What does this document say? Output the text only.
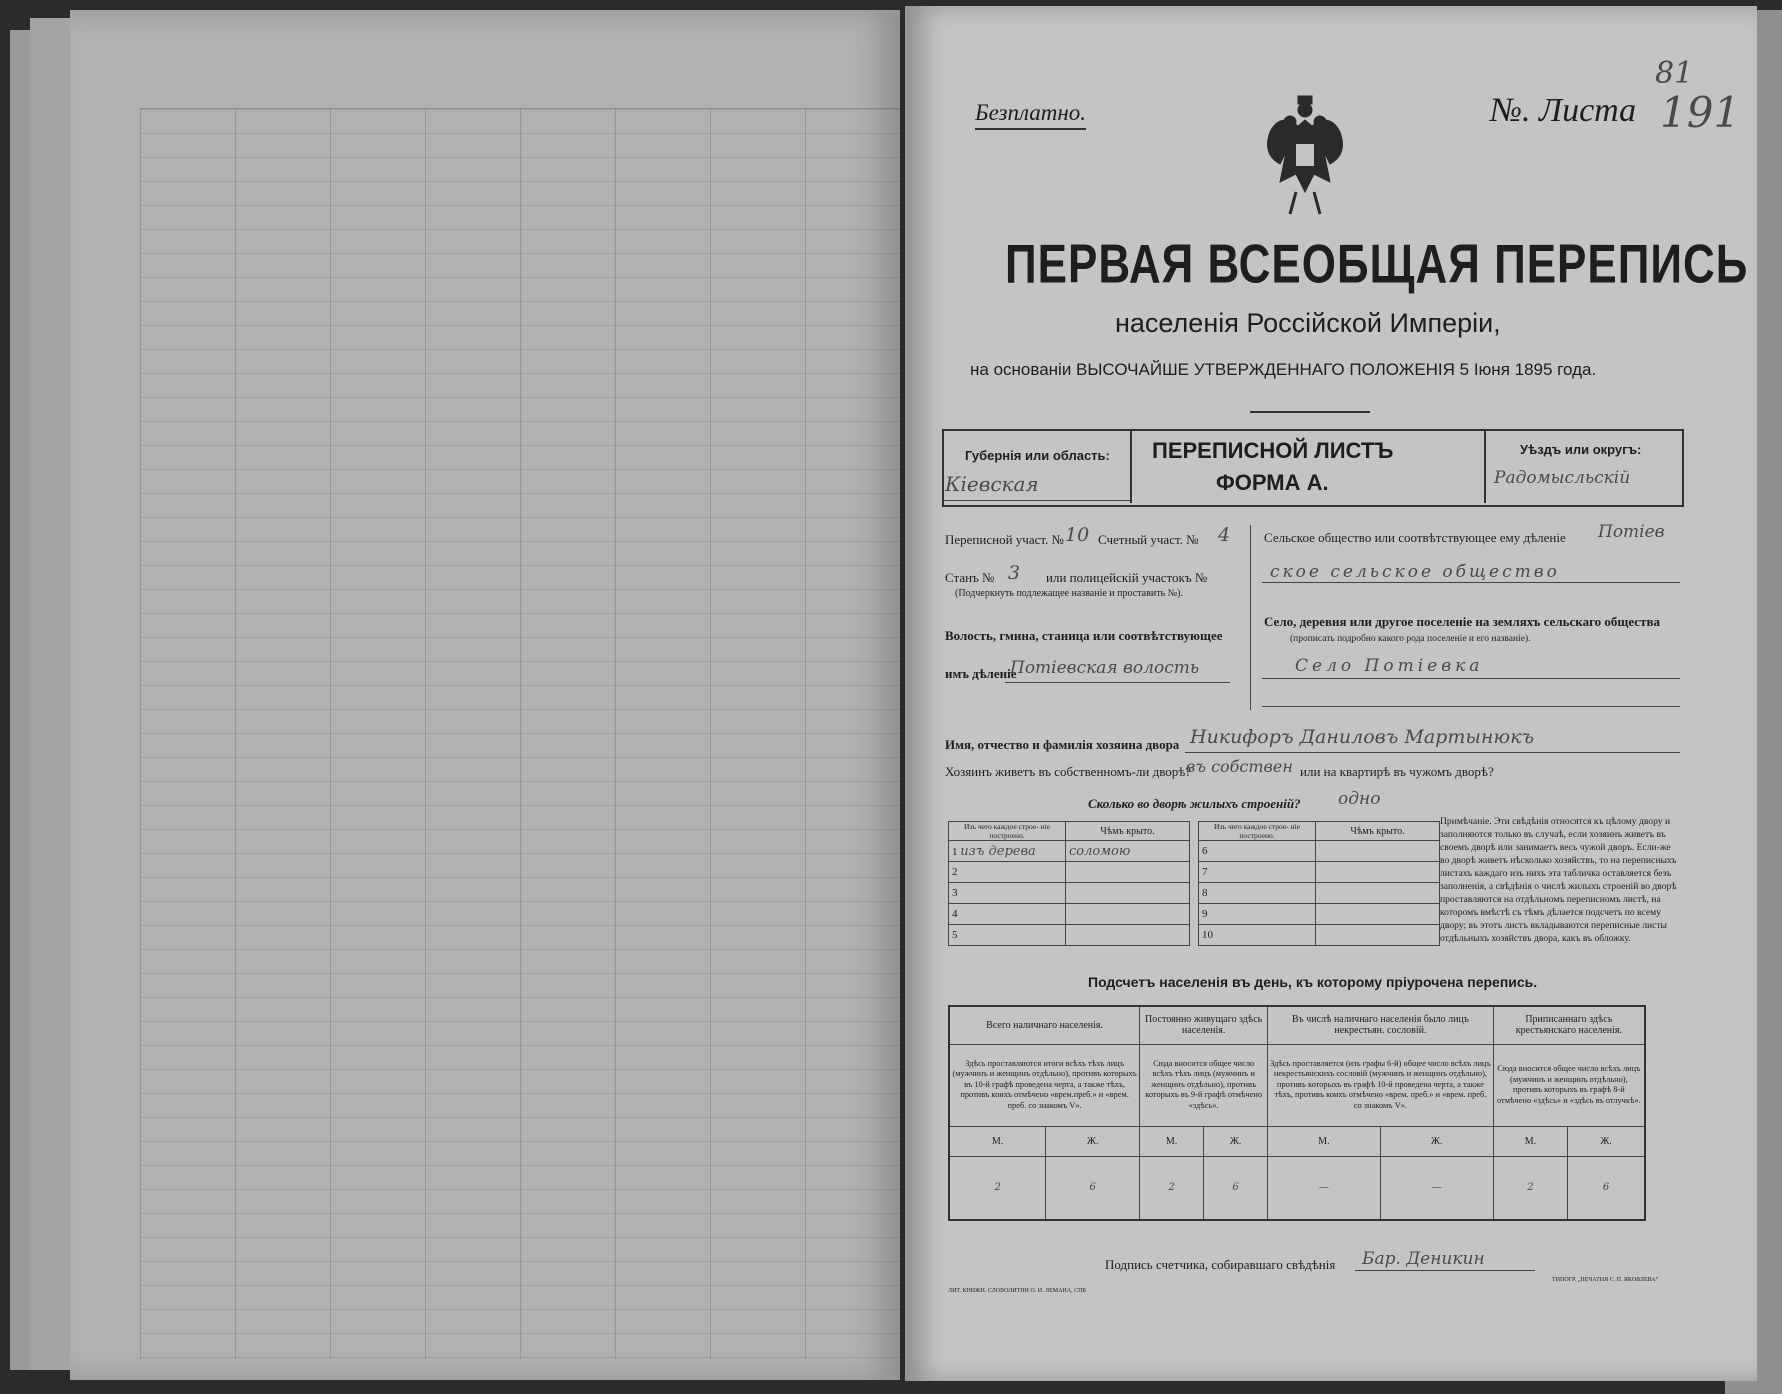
Безплатно.	№. Листа 191
81
ПЕРВАЯ ВСЕОБЩАЯ ПЕРЕПИСЬ
населенія Россійской Имперіи,
на основаніи ВЫСОЧАЙШЕ УТВЕРЖДЕННАГО ПОЛОЖЕНІЯ 5 Іюня 1895 года.
Губернія или область:
Кіевская
ПЕРЕПИСНОЙ ЛИСТЪ
ФОРМА А.
Уѣздъ или округъ:
Радомысльскій
Переписной участ. № 10 Счетный участ. № 4
Станъ № 3 или полицейскій участокъ №
(Подчеркнуть подлежащее названіе и проставить №).
Волость, гмина, станица или соотвѣтствующее
имъ дѣленіе
Потіевская волость
Сельское общество или соотвѣтствующее ему дѣленіе Потіев
ское сельское общество
Село, деревня или другое поселеніе на земляхъ сельскаго общества
(прописать подробно какого рода поселеніе и его названіе).
Село Потіевка
Имя, отчество и фамилія хозяина двора Никифоръ Даниловъ Мартынюкъ
Хозяинъ живетъ въ собственномъ-ли дворѣ?
въ собствен или на квартирѣ въ чужомъ дворѣ?
Сколько во дворѣ жилыхъ строеній? одно
Изъ чего каждое строе- ніе построено.	Чѣмъ крыто.
1 изъ дерева	соломою
2	
3	
4	
5	
Изъ чего каждое строе- ніе построено.	Чѣмъ крыто.
6	
7	
8	
9	
10	
Примѣчаніе. Эти свѣдѣнія относятся къ цѣлому двору и заполняются только въ случаѣ, если хозяинъ живетъ въ своемъ дворѣ или занимаетъ весь чужой дворъ. Если-же во дворѣ живетъ нѣсколько хозяйствъ, то на переписныхъ листахъ каждаго изъ нихъ эта табличка оставляется безъ заполненія, а свѣдѣнія о числѣ жилыхъ строеній во дворѣ проставляются на отдѣльномъ переписномъ листѣ, на которомъ вмѣстѣ съ тѣмъ дѣлается подсчетъ по всему двору; въ этотъ листъ вкладываются переписные листы отдѣльныхъ хозяйствъ двора, какъ въ обложку.
Подсчетъ населенія въ день, къ которому пріурочена перепись.
Всего наличнаго населенія.		Постоянно живущаго здѣсь населенія.		Въ числѣ наличнаго населенія было лицъ некрестьян. сословій.		Приписаннаго здѣсь крестьянскаго населенія.	
Здѣсь проставляются итоги всѣхъ тѣхъ лицъ (мужчинъ и женщинъ отдѣльно), противъ которыхъ въ 10-й графѣ проведена черта, а также тѣхъ, противъ коихъ отмѣчено «врем.преб.» и «врем. преб. со знакомъ V».		Сюда вносится общее число всѣхъ тѣхъ лицъ (мужчинъ и женщинъ отдѣльно), противъ которыхъ въ 9-й графѣ отмѣчено «здѣсь».		Здѣсь проставляется (изъ графы 6-й) общее число всѣхъ лицъ некрестьянскихъ сословій (мужчинъ и женщинъ отдѣльно), противъ которыхъ въ графѣ 10-й проведена черта, а также тѣхъ, противъ коихъ отмѣчено «врем. преб.» и «врем. преб. со знакомъ V».		Сюда вносится общее число всѣхъ лицъ (мужчинъ и женщинъ отдѣльно), противъ которыхъ въ графѣ 8-й отмѣчено «здѣсь» и «здѣсь въ отлучкѣ».	
М.	Ж.	М.	Ж.	М.	Ж.	М.	Ж.
2	6	2	6	—	—	2	6
Подпись счетчика, собиравшаго свѣдѣнія Бар. Деникин
ЛИТ. КНИЖН. СЛОВОЛИТНИ О. И. ЛЕМАНА, СПБ
ТИПОГР. „ПЕЧАТНЯ С. П. ЯКОВЛЕВА“
